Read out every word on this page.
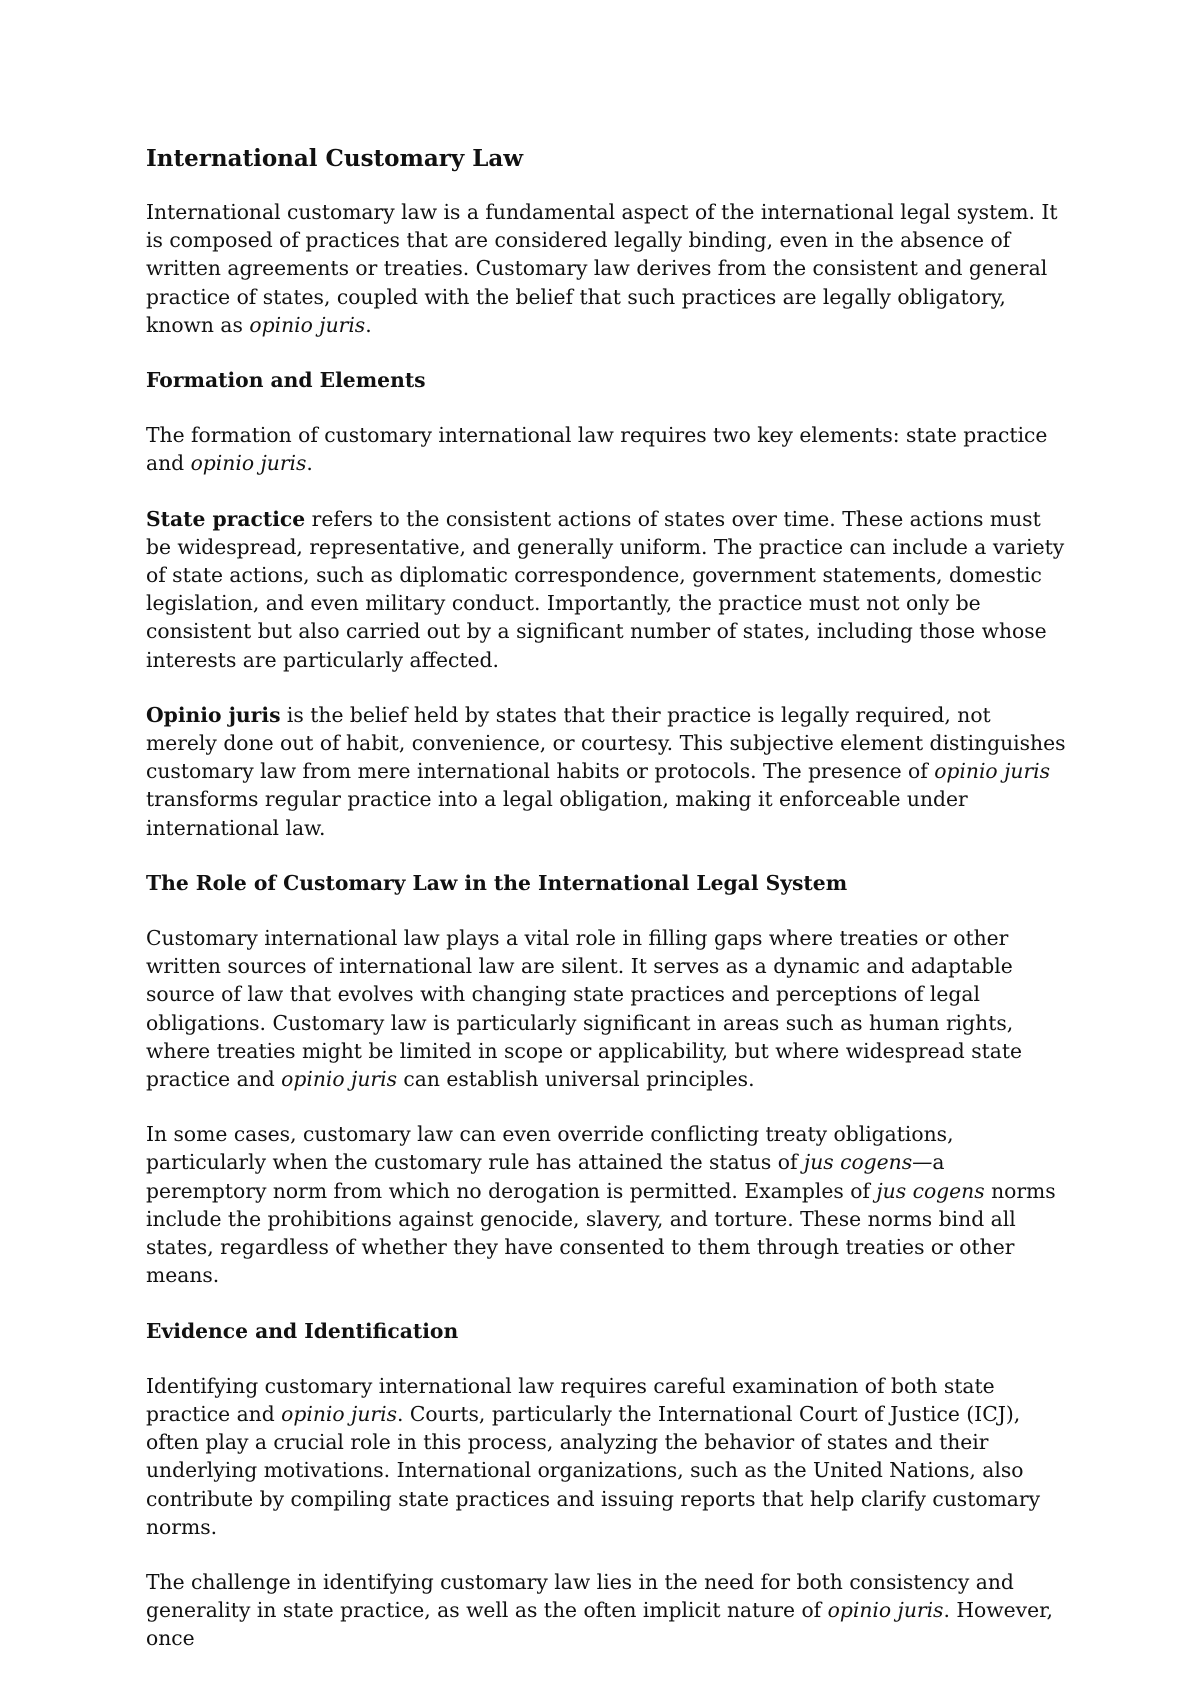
International Customary Law

International customary law is a fundamental aspect of the international legal system. It is composed of practices that are considered legally binding, even in the absence of written agreements or treaties. Customary law derives from the consistent and general practice of states, coupled with the belief that such practices are legally obligatory, known as opinio juris.

Formation and Elements

The formation of customary international law requires two key elements: state practice and opinio juris.

State practice refers to the consistent actions of states over time. These actions must be widespread, representative, and generally uniform. The practice can include a variety of state actions, such as diplomatic correspondence, government statements, domestic legislation, and even military conduct. Importantly, the practice must not only be consistent but also carried out by a significant number of states, including those whose interests are particularly affected.

Opinio juris is the belief held by states that their practice is legally required, not merely done out of habit, convenience, or courtesy. This subjective element distinguishes customary law from mere international habits or protocols. The presence of opinio juris transforms regular practice into a legal obligation, making it enforceable under international law.

The Role of Customary Law in the International Legal System

Customary international law plays a vital role in filling gaps where treaties or other written sources of international law are silent. It serves as a dynamic and adaptable source of law that evolves with changing state practices and perceptions of legal obligations. Customary law is particularly significant in areas such as human rights, where treaties might be limited in scope or applicability, but where widespread state practice and opinio juris can establish universal principles.

In some cases, customary law can even override conflicting treaty obligations, particularly when the customary rule has attained the status of jus cogens—a peremptory norm from which no derogation is permitted. Examples of jus cogens norms include the prohibitions against genocide, slavery, and torture. These norms bind all states, regardless of whether they have consented to them through treaties or other means.

Evidence and Identification

Identifying customary international law requires careful examination of both state practice and opinio juris. Courts, particularly the International Court of Justice (ICJ), often play a crucial role in this process, analyzing the behavior of states and their underlying motivations. International organizations, such as the United Nations, also contribute by compiling state practices and issuing reports that help clarify customary norms.

The challenge in identifying customary law lies in the need for both consistency and generality in state practice, as well as the often implicit nature of opinio juris. However, once
